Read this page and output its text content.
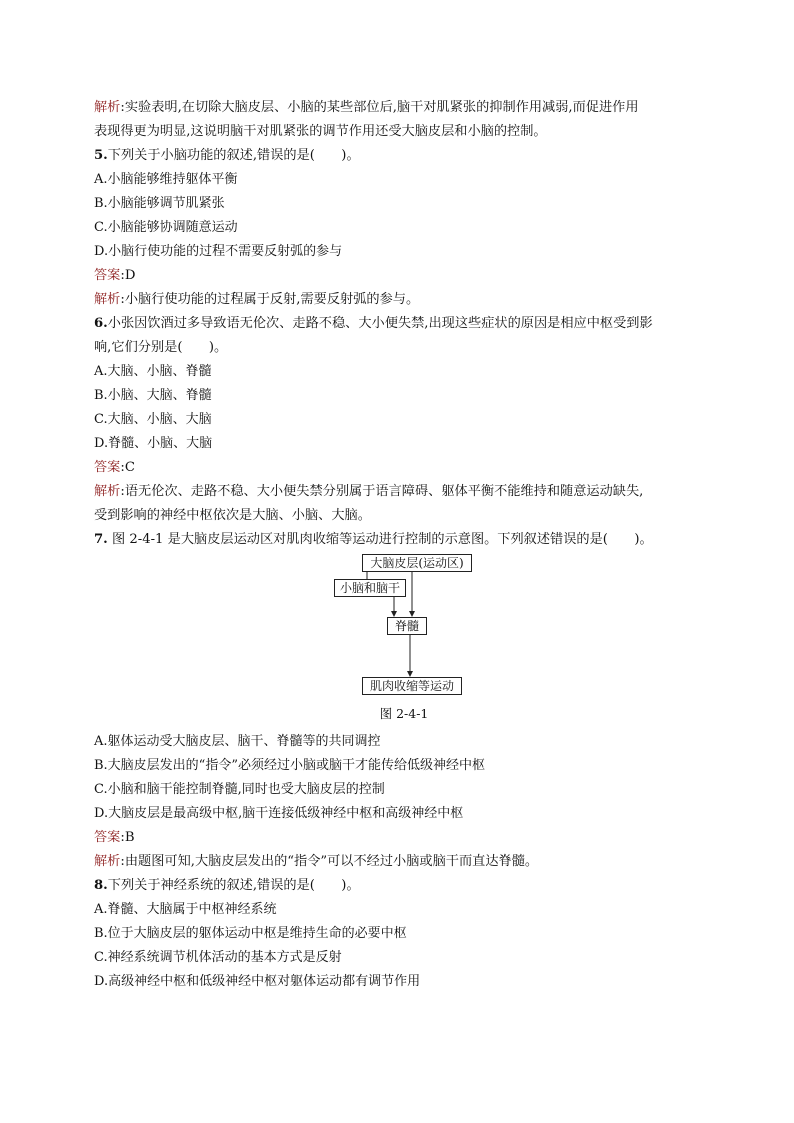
解析:实验表明,在切除大脑皮层、小脑的某些部位后,脑干对肌紧张的抑制作用减弱,而促进作用
表现得更为明显,这说明脑干对肌紧张的调节作用还受大脑皮层和小脑的控制。
5.下列关于小脑功能的叙述,错误的是(　　)。
A.小脑能够维持躯体平衡
B.小脑能够调节肌紧张
C.小脑能够协调随意运动
D.小脑行使功能的过程不需要反射弧的参与
答案:D
解析:小脑行使功能的过程属于反射,需要反射弧的参与。
6.小张因饮酒过多导致语无伦次、走路不稳、大小便失禁,出现这些症状的原因是相应中枢受到影
响,它们分别是(　　)。
A.大脑、小脑、脊髓
B.小脑、大脑、脊髓
C.大脑、小脑、大脑
D.脊髓、小脑、大脑
答案:C
解析:语无伦次、走路不稳、大小便失禁分别属于语言障碍、躯体平衡不能维持和随意运动缺失,
受到影响的神经中枢依次是大脑、小脑、大脑。
7. 图 2-4-1 是大脑皮层运动区对肌肉收缩等运动进行控制的示意图。下列叙述错误的是(　　)。
大脑皮层(运动区)
小脑和脑干
脊髓
肌肉收缩等运动
图 2-4-1
A.躯体运动受大脑皮层、脑干、脊髓等的共同调控
B.大脑皮层发出的“指令”必须经过小脑或脑干才能传给低级神经中枢
C.小脑和脑干能控制脊髓,同时也受大脑皮层的控制
D.大脑皮层是最高级中枢,脑干连接低级神经中枢和高级神经中枢
答案:B
解析:由题图可知,大脑皮层发出的“指令”可以不经过小脑或脑干而直达脊髓。
8.下列关于神经系统的叙述,错误的是(　　)。
A.脊髓、大脑属于中枢神经系统
B.位于大脑皮层的躯体运动中枢是维持生命的必要中枢
C.神经系统调节机体活动的基本方式是反射
D.高级神经中枢和低级神经中枢对躯体运动都有调节作用
